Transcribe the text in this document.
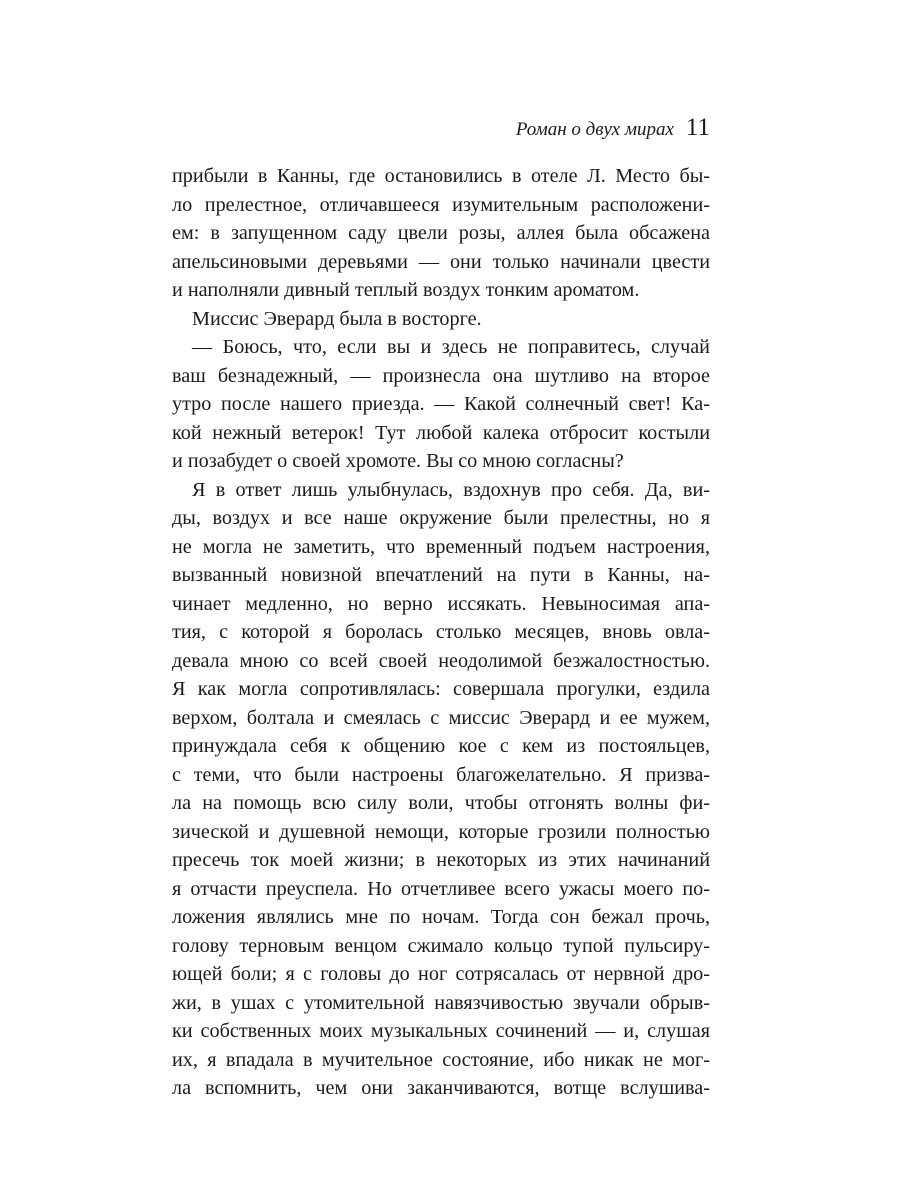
Роман о двух мирах 11
прибыли в Канны, где остановились в отеле Л. Место бы-
ло прелестное, отличавшееся изумительным расположени-
ем: в запущенном саду цвели розы, аллея была обсажена
апельсиновыми деревьями — они только начинали цвести
и наполняли дивный теплый воздух тонким ароматом.
Миссис Эверард была в восторге.
— Боюсь, что, если вы и здесь не поправитесь, случай
ваш безнадежный, — произнесла она шутливо на второе
утро после нашего приезда. — Какой солнечный свет! Ка-
кой нежный ветерок! Тут любой калека отбросит костыли
и позабудет о своей хромоте. Вы со мною согласны?
Я в ответ лишь улыбнулась, вздохнув про себя. Да, ви-
ды, воздух и все наше окружение были прелестны, но я
не могла не заметить, что временный подъем настроения,
вызванный новизной впечатлений на пути в Канны, на-
чинает медленно, но верно иссякать. Невыносимая апа-
тия, с которой я боролась столько месяцев, вновь овла-
девала мною со всей своей неодолимой безжалостностью.
Я как могла сопротивлялась: совершала прогулки, ездила
верхом, болтала и смеялась с миссис Эверард и ее мужем,
принуждала себя к общению кое с кем из постояльцев,
с теми, что были настроены благожелательно. Я призва-
ла на помощь всю силу воли, чтобы отгонять волны фи-
зической и душевной немощи, которые грозили полностью
пресечь ток моей жизни; в некоторых из этих начинаний
я отчасти преуспела. Но отчетливее всего ужасы моего по-
ложения являлись мне по ночам. Тогда сон бежал прочь,
голову терновым венцом сжимало кольцо тупой пульсиру-
ющей боли; я с головы до ног сотрясалась от нервной дро-
жи, в ушах с утомительной навязчивостью звучали обрыв-
ки собственных моих музыкальных сочинений — и, слушая
их, я впадала в мучительное состояние, ибо никак не мог-
ла вспомнить, чем они заканчиваются, вотще вслушива-
